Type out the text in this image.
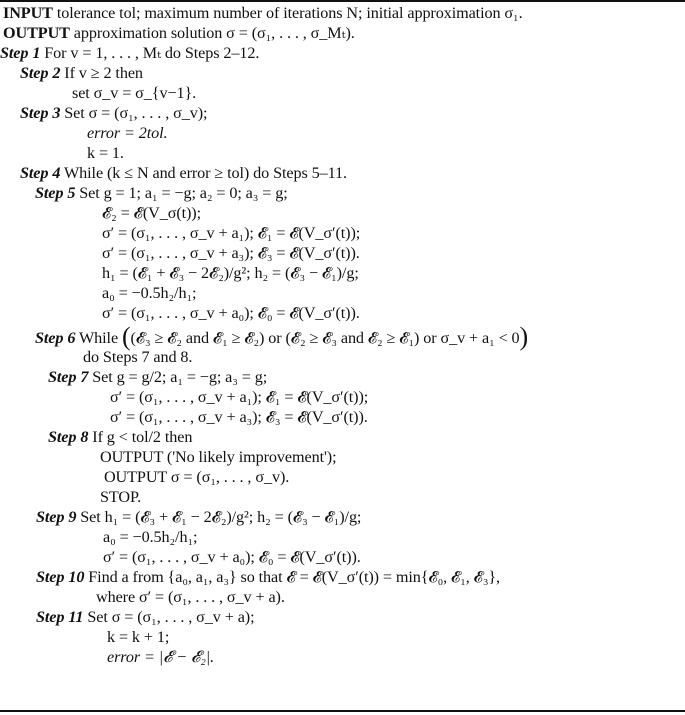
INPUT tolerance tol; maximum number of iterations N; initial approximation σ₁.
OUTPUT approximation solution σ = (σ₁, . . . , σ_Mₜ).
Step 1 For v = 1, . . . , Mₜ do Steps 2–12.
Step 2 If v ≥ 2 then
set σ_v = σ_{v−1}.
Step 3 Set σ = (σ₁, . . . , σ_v);
error = 2tol.
k = 1.
Step 4 While (k ≤ N and error ≥ tol) do Steps 5–11.
Step 5 Set g = 1; a₁ = −g; a₂ = 0; a₃ = g;
𝓔₂ = 𝓔(V_σ(t));
σ′ = (σ₁, . . . , σ_v + a₁); 𝓔₁ = 𝓔(V_σ′(t));
σ′ = (σ₁, . . . , σ_v + a₃); 𝓔₃ = 𝓔(V_σ′(t)).
h₁ = (𝓔₁ + 𝓔₃ − 2𝓔₂)/g²; h₂ = (𝓔₃ − 𝓔₁)/g;
a₀ = −0.5h₂/h₁;
σ′ = (σ₁, . . . , σ_v + a₀); 𝓔₀ = 𝓔(V_σ′(t)).
Step 6 While ((𝓔₃ ≥ 𝓔₂ and 𝓔₁ ≥ 𝓔₂) or (𝓔₂ ≥ 𝓔₃ and 𝓔₂ ≥ 𝓔₁) or σ_v + a₁ < 0)
do Steps 7 and 8.
Step 7 Set g = g/2; a₁ = −g; a₃ = g;
σ′ = (σ₁, . . . , σ_v + a₁); 𝓔₁ = 𝓔(V_σ′(t));
σ′ = (σ₁, . . . , σ_v + a₃); 𝓔₃ = 𝓔(V_σ′(t)).
Step 8 If g < tol/2 then
OUTPUT ('No likely improvement');
OUTPUT σ = (σ₁, . . . , σ_v).
STOP.
Step 9 Set h₁ = (𝓔₃ + 𝓔₁ − 2𝓔₂)/g²; h₂ = (𝓔₃ − 𝓔₁)/g;
a₀ = −0.5h₂/h₁;
σ′ = (σ₁, . . . , σ_v + a₀); 𝓔₀ = 𝓔(V_σ′(t)).
Step 10 Find a from {a₀, a₁, a₃} so that 𝓔 = 𝓔(V_σ′(t)) = min{𝓔₀, 𝓔₁, 𝓔₃},
where σ′ = (σ₁, . . . , σ_v + a).
Step 11 Set σ = (σ₁, . . . , σ_v + a);
k = k + 1;
error = |𝓔 − 𝓔₂|.
